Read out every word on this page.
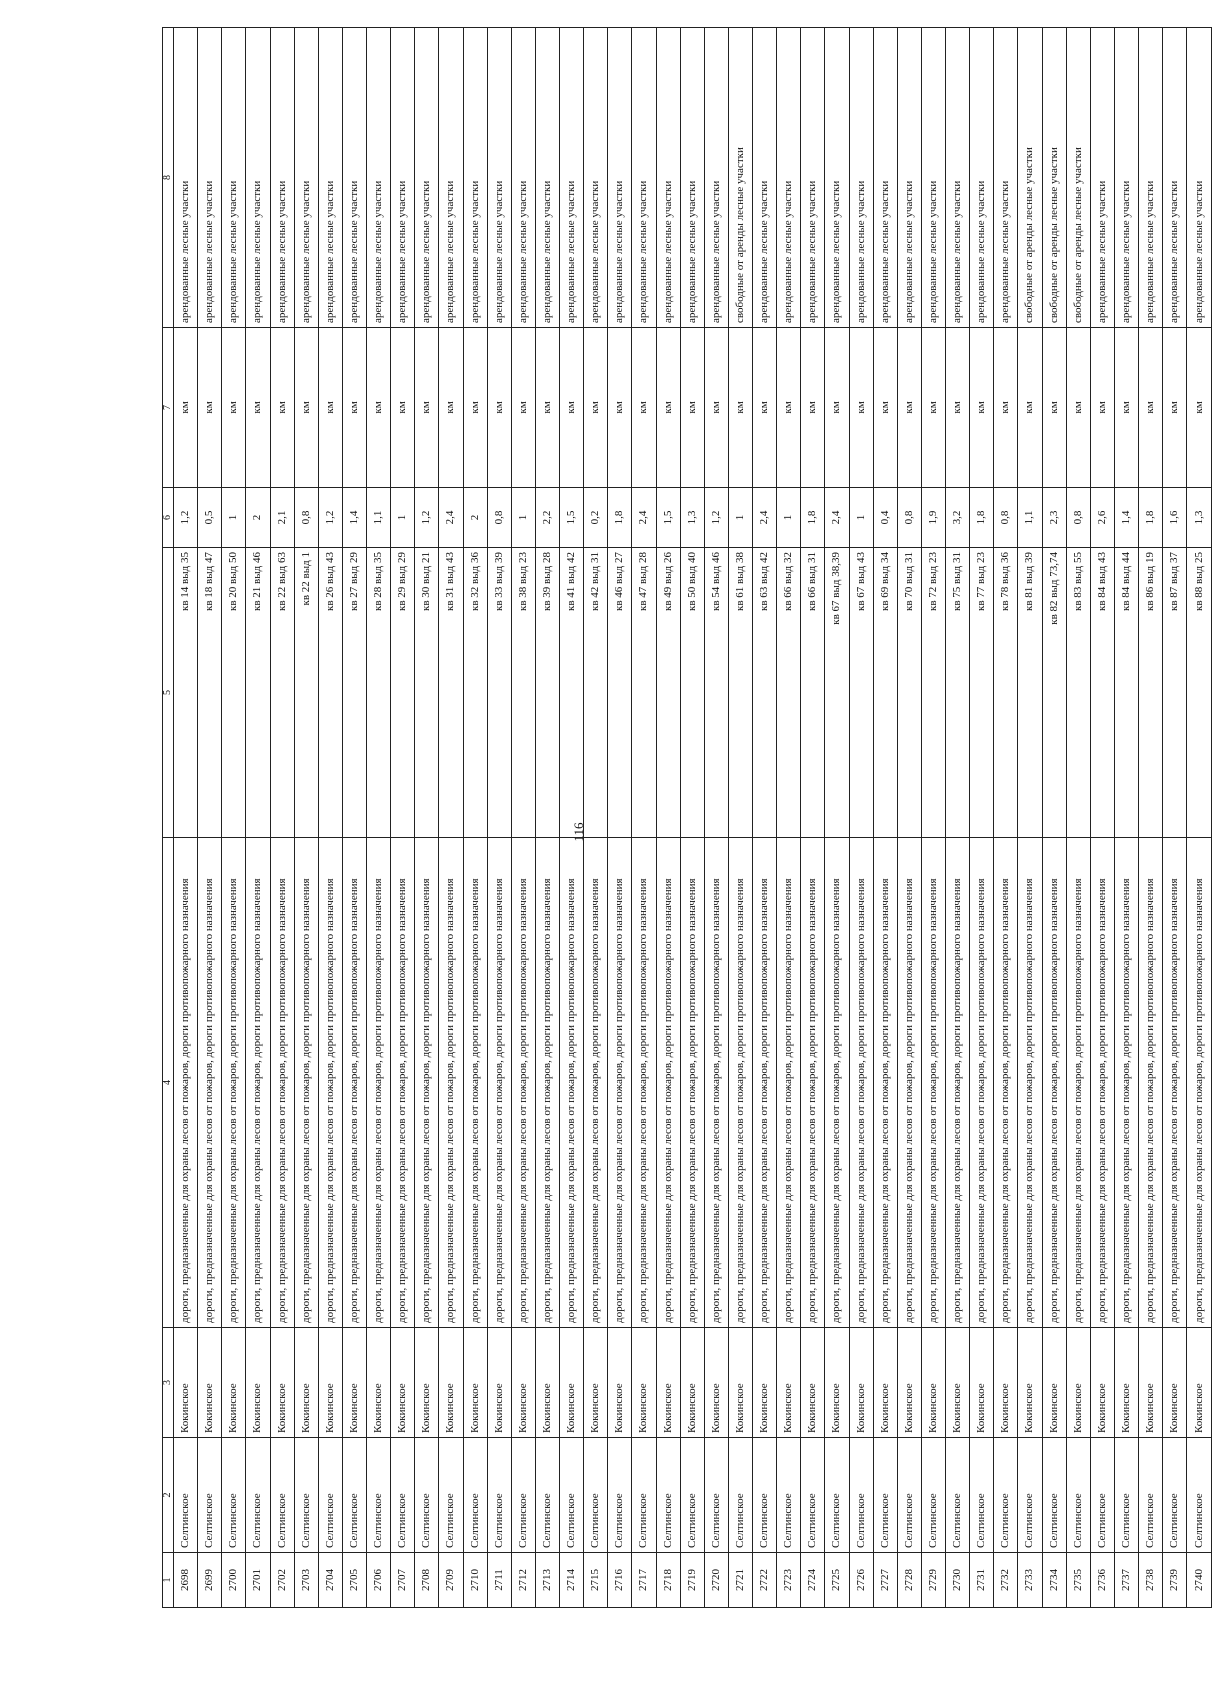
116
1	2	3	4	5	6	7	8
2698	Селтинское	Кокинское	дороги, предназначенные для охраны лесов от пожаров, дороги противопожарного назначения	кв 14 выд 35	1,2	км	арендованные лесные участки
2699	Селтинское	Кокинское	дороги, предназначенные для охраны лесов от пожаров, дороги противопожарного назначения	кв 18 выд 47	0,5	км	арендованные лесные участки
2700	Селтинское	Кокинское	дороги, предназначенные для охраны лесов от пожаров, дороги противопожарного назначения	кв 20 выд 50	1	км	арендованные лесные участки
2701	Селтинское	Кокинское	дороги, предназначенные для охраны лесов от пожаров, дороги противопожарного назначения	кв 21 выд 46	2	км	арендованные лесные участки
2702	Селтинское	Кокинское	дороги, предназначенные для охраны лесов от пожаров, дороги противопожарного назначения	кв 22 выд 63	2,1	км	арендованные лесные участки
2703	Селтинское	Кокинское	дороги, предназначенные для охраны лесов от пожаров, дороги противопожарного назначения	кв 22 выд 1	0,8	км	арендованные лесные участки
2704	Селтинское	Кокинское	дороги, предназначенные для охраны лесов от пожаров, дороги противопожарного назначения	кв 26 выд 43	1,2	км	арендованные лесные участки
2705	Селтинское	Кокинское	дороги, предназначенные для охраны лесов от пожаров, дороги противопожарного назначения	кв 27 выд 29	1,4	км	арендованные лесные участки
2706	Селтинское	Кокинское	дороги, предназначенные для охраны лесов от пожаров, дороги противопожарного назначения	кв 28 выд 35	1,1	км	арендованные лесные участки
2707	Селтинское	Кокинское	дороги, предназначенные для охраны лесов от пожаров, дороги противопожарного назначения	кв 29 выд 29	1	км	арендованные лесные участки
2708	Селтинское	Кокинское	дороги, предназначенные для охраны лесов от пожаров, дороги противопожарного назначения	кв 30 выд 21	1,2	км	арендованные лесные участки
2709	Селтинское	Кокинское	дороги, предназначенные для охраны лесов от пожаров, дороги противопожарного назначения	кв 31 выд 43	2,4	км	арендованные лесные участки
2710	Селтинское	Кокинское	дороги, предназначенные для охраны лесов от пожаров, дороги противопожарного назначения	кв 32 выд 36	2	км	арендованные лесные участки
2711	Селтинское	Кокинское	дороги, предназначенные для охраны лесов от пожаров, дороги противопожарного назначения	кв 33 выд 39	0,8	км	арендованные лесные участки
2712	Селтинское	Кокинское	дороги, предназначенные для охраны лесов от пожаров, дороги противопожарного назначения	кв 38 выд 23	1	км	арендованные лесные участки
2713	Селтинское	Кокинское	дороги, предназначенные для охраны лесов от пожаров, дороги противопожарного назначения	кв 39 выд 28	2,2	км	арендованные лесные участки
2714	Селтинское	Кокинское	дороги, предназначенные для охраны лесов от пожаров, дороги противопожарного назначения	кв 41 выд 42	1,5	км	арендованные лесные участки
2715	Селтинское	Кокинское	дороги, предназначенные для охраны лесов от пожаров, дороги противопожарного назначения	кв 42 выд 31	0,2	км	арендованные лесные участки
2716	Селтинское	Кокинское	дороги, предназначенные для охраны лесов от пожаров, дороги противопожарного назначения	кв 46 выд 27	1,8	км	арендованные лесные участки
2717	Селтинское	Кокинское	дороги, предназначенные для охраны лесов от пожаров, дороги противопожарного назначения	кв 47 выд 28	2,4	км	арендованные лесные участки
2718	Селтинское	Кокинское	дороги, предназначенные для охраны лесов от пожаров, дороги противопожарного назначения	кв 49 выд 26	1,5	км	арендованные лесные участки
2719	Селтинское	Кокинское	дороги, предназначенные для охраны лесов от пожаров, дороги противопожарного назначения	кв 50 выд 40	1,3	км	арендованные лесные участки
2720	Селтинское	Кокинское	дороги, предназначенные для охраны лесов от пожаров, дороги противопожарного назначения	кв 54 выд 46	1,2	км	арендованные лесные участки
2721	Селтинское	Кокинское	дороги, предназначенные для охраны лесов от пожаров, дороги противопожарного назначения	кв 61 выд 38	1	км	свободные от аренды лесные участки
2722	Селтинское	Кокинское	дороги, предназначенные для охраны лесов от пожаров, дороги противопожарного назначения	кв 63 выд 42	2,4	км	арендованные лесные участки
2723	Селтинское	Кокинское	дороги, предназначенные для охраны лесов от пожаров, дороги противопожарного назначения	кв 66 выд 32	1	км	арендованные лесные участки
2724	Селтинское	Кокинское	дороги, предназначенные для охраны лесов от пожаров, дороги противопожарного назначения	кв 66 выд 31	1,8	км	арендованные лесные участки
2725	Селтинское	Кокинское	дороги, предназначенные для охраны лесов от пожаров, дороги противопожарного назначения	кв 67 выд 38,39	2,4	км	арендованные лесные участки
2726	Селтинское	Кокинское	дороги, предназначенные для охраны лесов от пожаров, дороги противопожарного назначения	кв 67 выд 43	1	км	арендованные лесные участки
2727	Селтинское	Кокинское	дороги, предназначенные для охраны лесов от пожаров, дороги противопожарного назначения	кв 69 выд 34	0,4	км	арендованные лесные участки
2728	Селтинское	Кокинское	дороги, предназначенные для охраны лесов от пожаров, дороги противопожарного назначения	кв 70 выд 31	0,8	км	арендованные лесные участки
2729	Селтинское	Кокинское	дороги, предназначенные для охраны лесов от пожаров, дороги противопожарного назначения	кв 72 выд 23	1,9	км	арендованные лесные участки
2730	Селтинское	Кокинское	дороги, предназначенные для охраны лесов от пожаров, дороги противопожарного назначения	кв 75 выд 31	3,2	км	арендованные лесные участки
2731	Селтинское	Кокинское	дороги, предназначенные для охраны лесов от пожаров, дороги противопожарного назначения	кв 77 выд 23	1,8	км	арендованные лесные участки
2732	Селтинское	Кокинское	дороги, предназначенные для охраны лесов от пожаров, дороги противопожарного назначения	кв 78 выд 36	0,8	км	арендованные лесные участки
2733	Селтинское	Кокинское	дороги, предназначенные для охраны лесов от пожаров, дороги противопожарного назначения	кв 81 выд 39	1,1	км	свободные от аренды лесные участки
2734	Селтинское	Кокинское	дороги, предназначенные для охраны лесов от пожаров, дороги противопожарного назначения	кв 82 выд 73,74	2,3	км	свободные от аренды лесные участки
2735	Селтинское	Кокинское	дороги, предназначенные для охраны лесов от пожаров, дороги противопожарного назначения	кв 83 выд 55	0,8	км	свободные от аренды лесные участки
2736	Селтинское	Кокинское	дороги, предназначенные для охраны лесов от пожаров, дороги противопожарного назначения	кв 84 выд 43	2,6	км	арендованные лесные участки
2737	Селтинское	Кокинское	дороги, предназначенные для охраны лесов от пожаров, дороги противопожарного назначения	кв 84 выд 44	1,4	км	арендованные лесные участки
2738	Селтинское	Кокинское	дороги, предназначенные для охраны лесов от пожаров, дороги противопожарного назначения	кв 86 выд 19	1,8	км	арендованные лесные участки
2739	Селтинское	Кокинское	дороги, предназначенные для охраны лесов от пожаров, дороги противопожарного назначения	кв 87 выд 37	1,6	км	арендованные лесные участки
2740	Селтинское	Кокинское	дороги, предназначенные для охраны лесов от пожаров, дороги противопожарного назначения	кв 88 выд 25	1,3	км	арендованные лесные участки
